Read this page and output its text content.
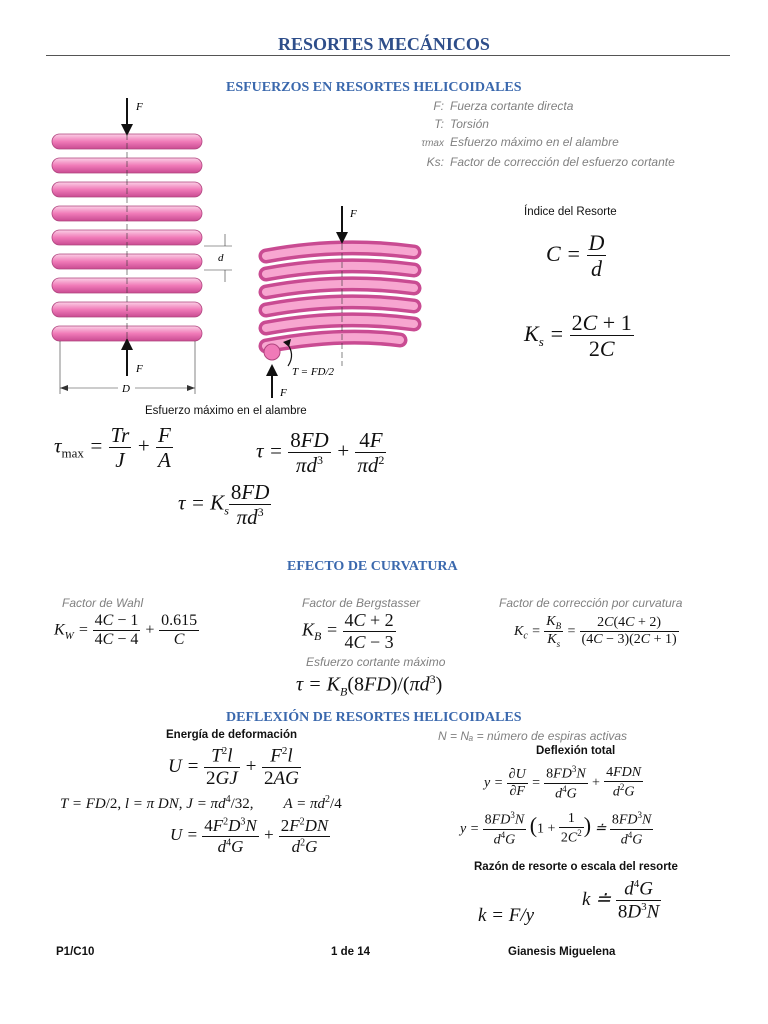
RESORTES MECÁNICOS
ESFUERZOS EN RESORTES HELICOIDALES
F: Fuerza cortante directa
T: Torsión
τmax Esfuerzo máximo en el alambre
Ks: Factor de corrección del esfuerzo cortante
F
F
D
d
F
F
T = FD/2
Índice del Resorte
$C = \frac{D}{d}$
$K_s = \frac{2C + 1}{2C}$
Esfuerzo máximo en el alambre
$\tau_{max} = \frac{Tr}{J} + \frac{F}{A}$	$\tau = \frac{8FD}{\pi d^3} + \frac{4F}{\pi d^2}$
$\tau = K_s \frac{8FD}{\pi d^3}$
EFECTO DE CURVATURA
Factor de Wahl	Factor de Bergstasser	Factor de corrección por curvatura
$K_W = \frac{4C - 1}{4C - 4} + \frac{0.615}{C}$	$K_B = \frac{4C + 2}{4C - 3}$	$K_c = \frac{K_B}{K_s} = \frac{2C(4C + 2)}{(4C - 3)(2C + 1)}$
Esfuerzo cortante máximo
$\tau = K_B(8FD)/(\pi d^3)$
DEFLEXIÓN DE RESORTES HELICOIDALES
Energía de deformación	N = Nₐ = número de espiras activas
Deflexión total
$U = \frac{T^2l}{2GJ} + \frac{F^2l}{2AG}$
T = FD/2, l = π DN, $J = \pi d^4/32$,        $A = \pi d^2/4$
$U = \frac{4F^2D^3N}{d^4G} + \frac{2F^2DN}{d^2G}$
$y = \frac{\partial U}{\partial F} = \frac{8FD^3N}{d^4G} + \frac{\text{4FDN}}{d^2G}$
$y = \frac{8FD^3N}{d^4G} (1 + \frac{1}{2C^2}$ ) ≐ $\frac{8FD^3N}{d^4G}$
Razón de resorte o escala del resorte
k = F/y
k ≐ $\frac{d^4G}{8D^3N}$
P1/C10	1 de 14	Gianesis Miguelena
